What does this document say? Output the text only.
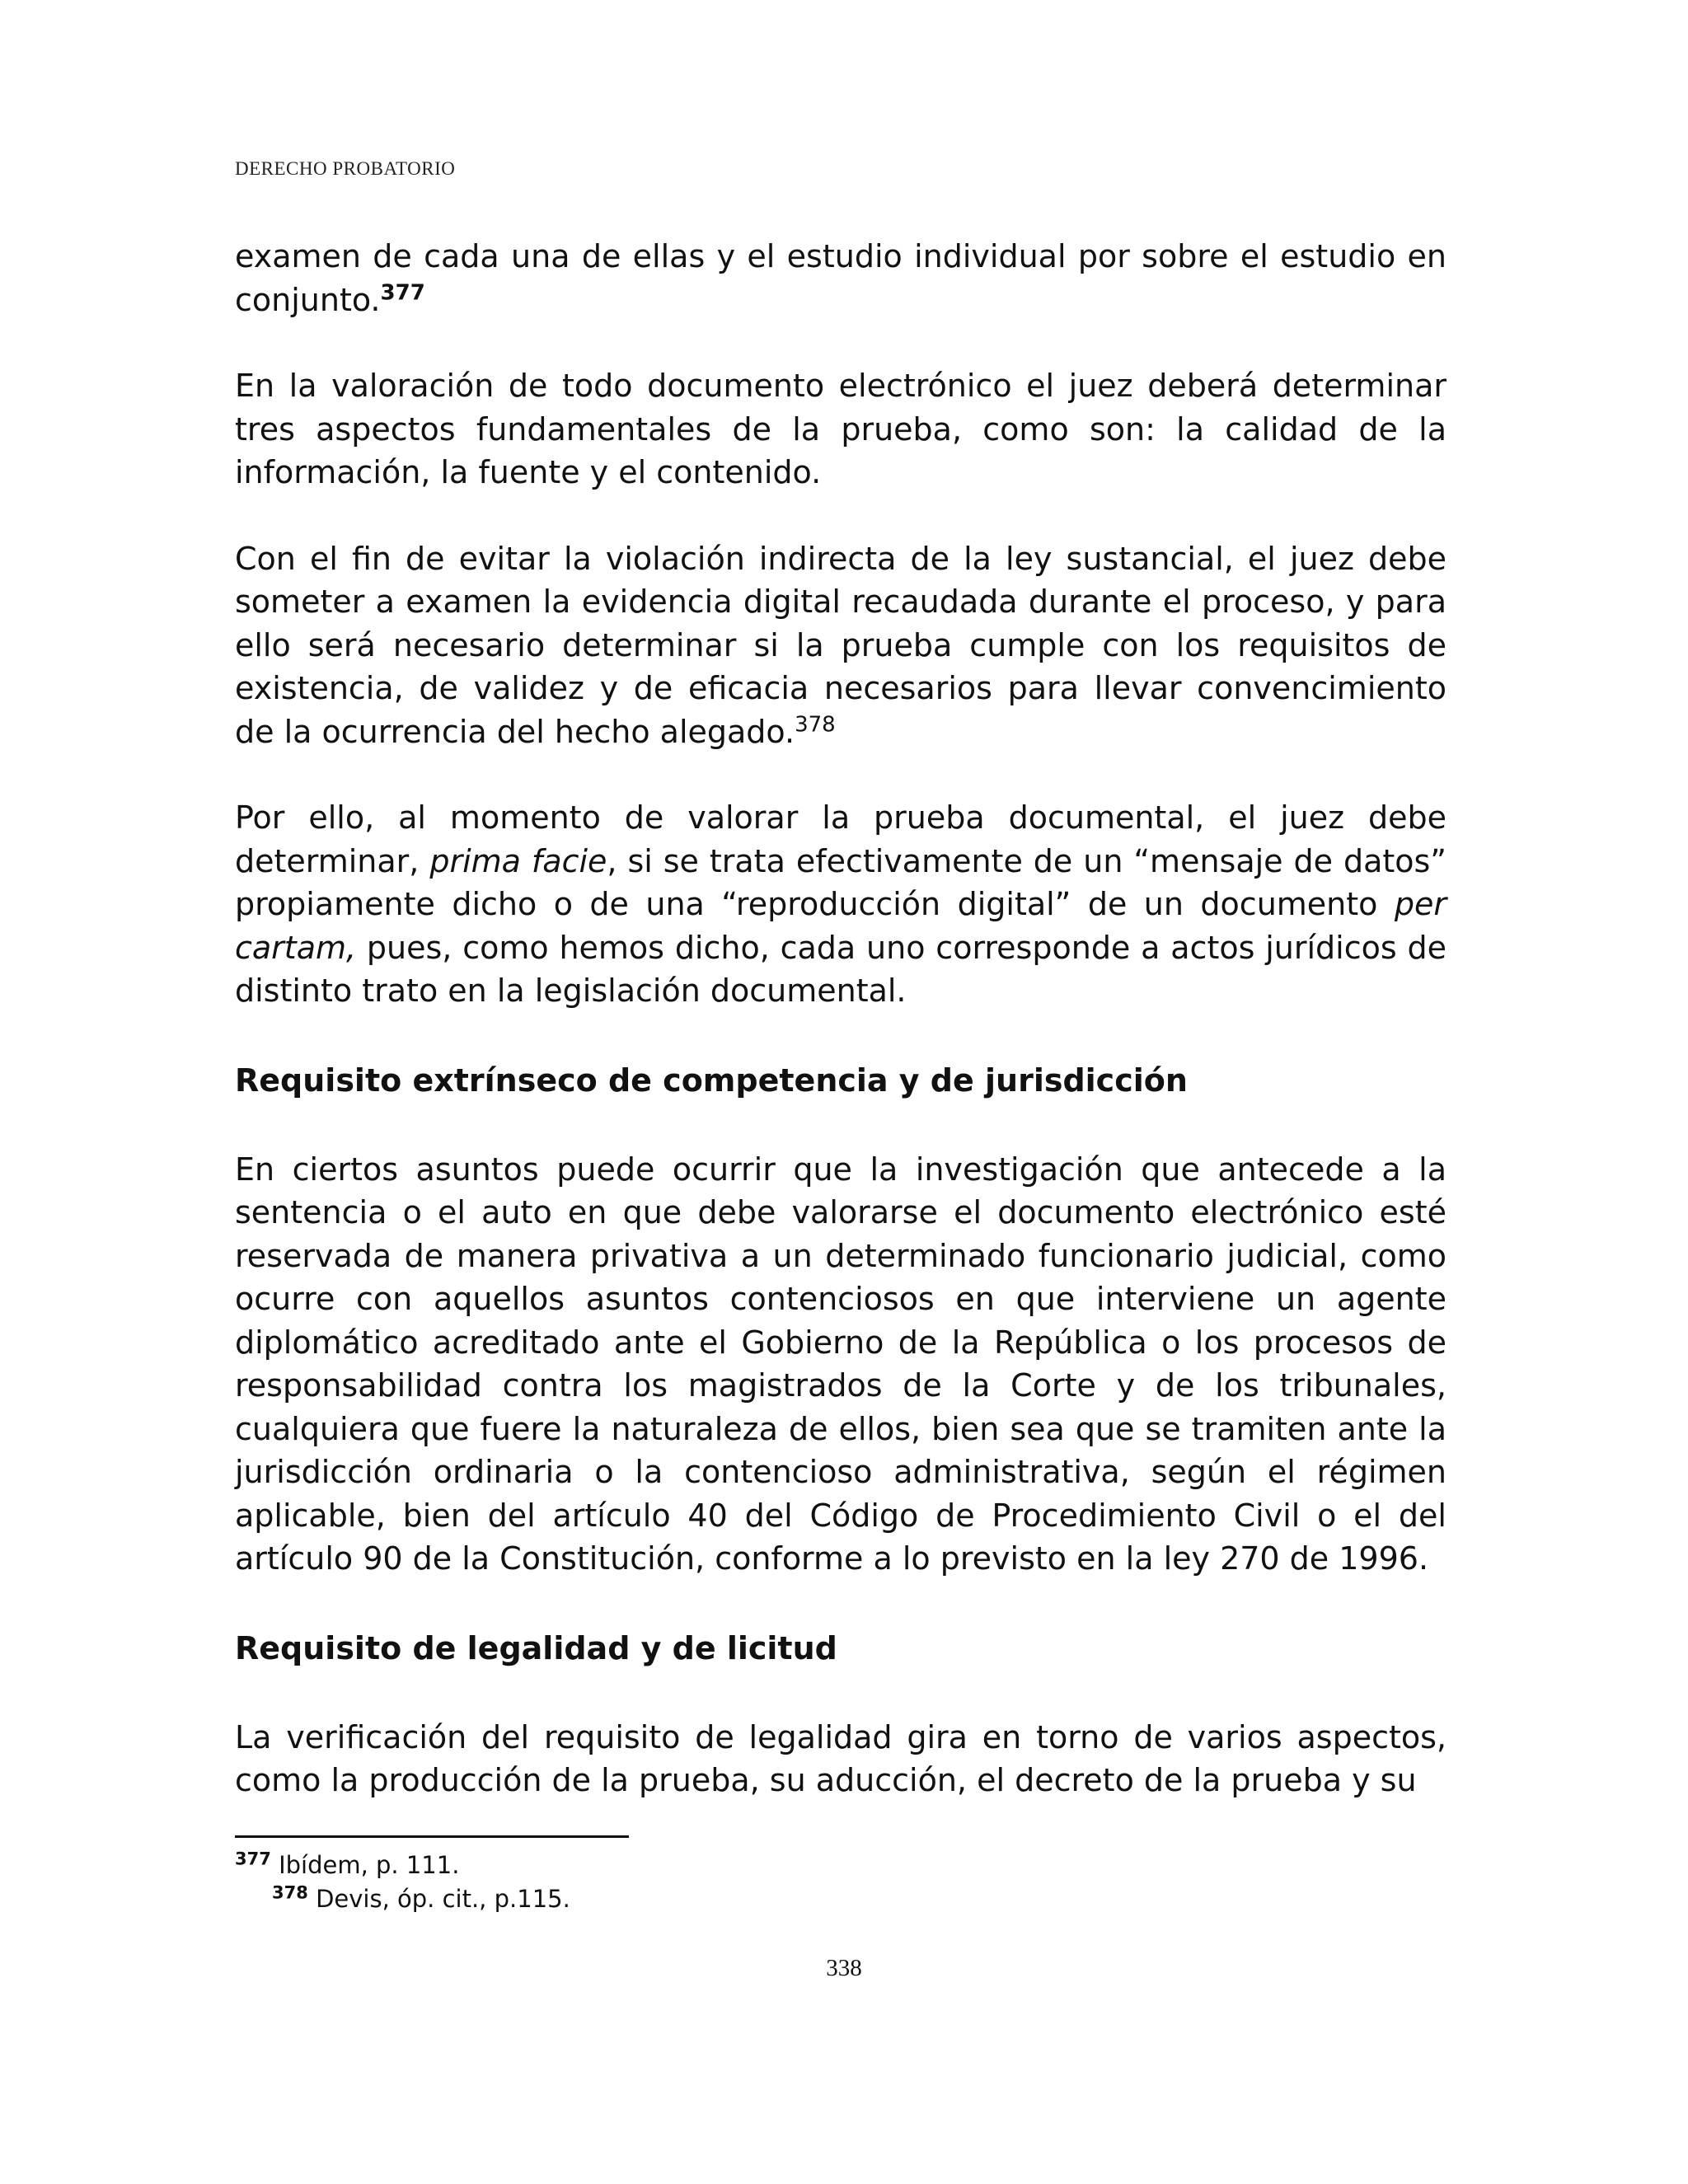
DERECHO PROBATORIO

examen de cada una de ellas y el estudio individual por sobre el estudio en conjunto.$^{377}$

En la valoración de todo documento electrónico el juez deberá determinar tres aspectos fundamentales de la prueba, como son: la calidad de la información, la fuente y el contenido.

Con el fin de evitar la violación indirecta de la ley sustancial, el juez debe someter a examen la evidencia digital recaudada durante el proceso, y para ello será necesario determinar si la prueba cumple con los requisitos de existencia, de validez y de eficacia necesarios para llevar convencimiento de la ocurrencia del hecho alegado.$^{378}$

Por ello, al momento de valorar la prueba documental, el juez debe determinar, prima facie, si se trata efectivamente de un “mensaje de datos” propiamente dicho o de una “reproducción digital” de un documento per cartam, pues, como hemos dicho, cada uno corresponde a actos jurídicos de distinto trato en la legislación documental.

Requisito extrínseco de competencia y de jurisdicción

En ciertos asuntos puede ocurrir que la investigación que antecede a la sentencia o el auto en que debe valorarse el documento electrónico esté reservada de manera privativa a un determinado funcionario judicial, como ocurre con aquellos asuntos contenciosos en que interviene un agente diplomático acreditado ante el Gobierno de la República o los procesos de responsabilidad contra los magistrados de la Corte y de los tribunales, cualquiera que fuere la naturaleza de ellos, bien sea que se tramiten ante la jurisdicción ordinaria o la contencioso administrativa, según el régimen aplicable, bien del artículo 40 del Código de Procedimiento Civil o el del artículo 90 de la Constitución, conforme a lo previsto en la ley 270 de 1996.

Requisito de legalidad y de licitud

La verificación del requisito de legalidad gira en torno de varios aspectos, como la producción de la prueba, su aducción, el decreto de la prueba y su

$^{377}$ Ibídem, p. 111.
$^{378}$ Devis, óp. cit., p.115.
338
